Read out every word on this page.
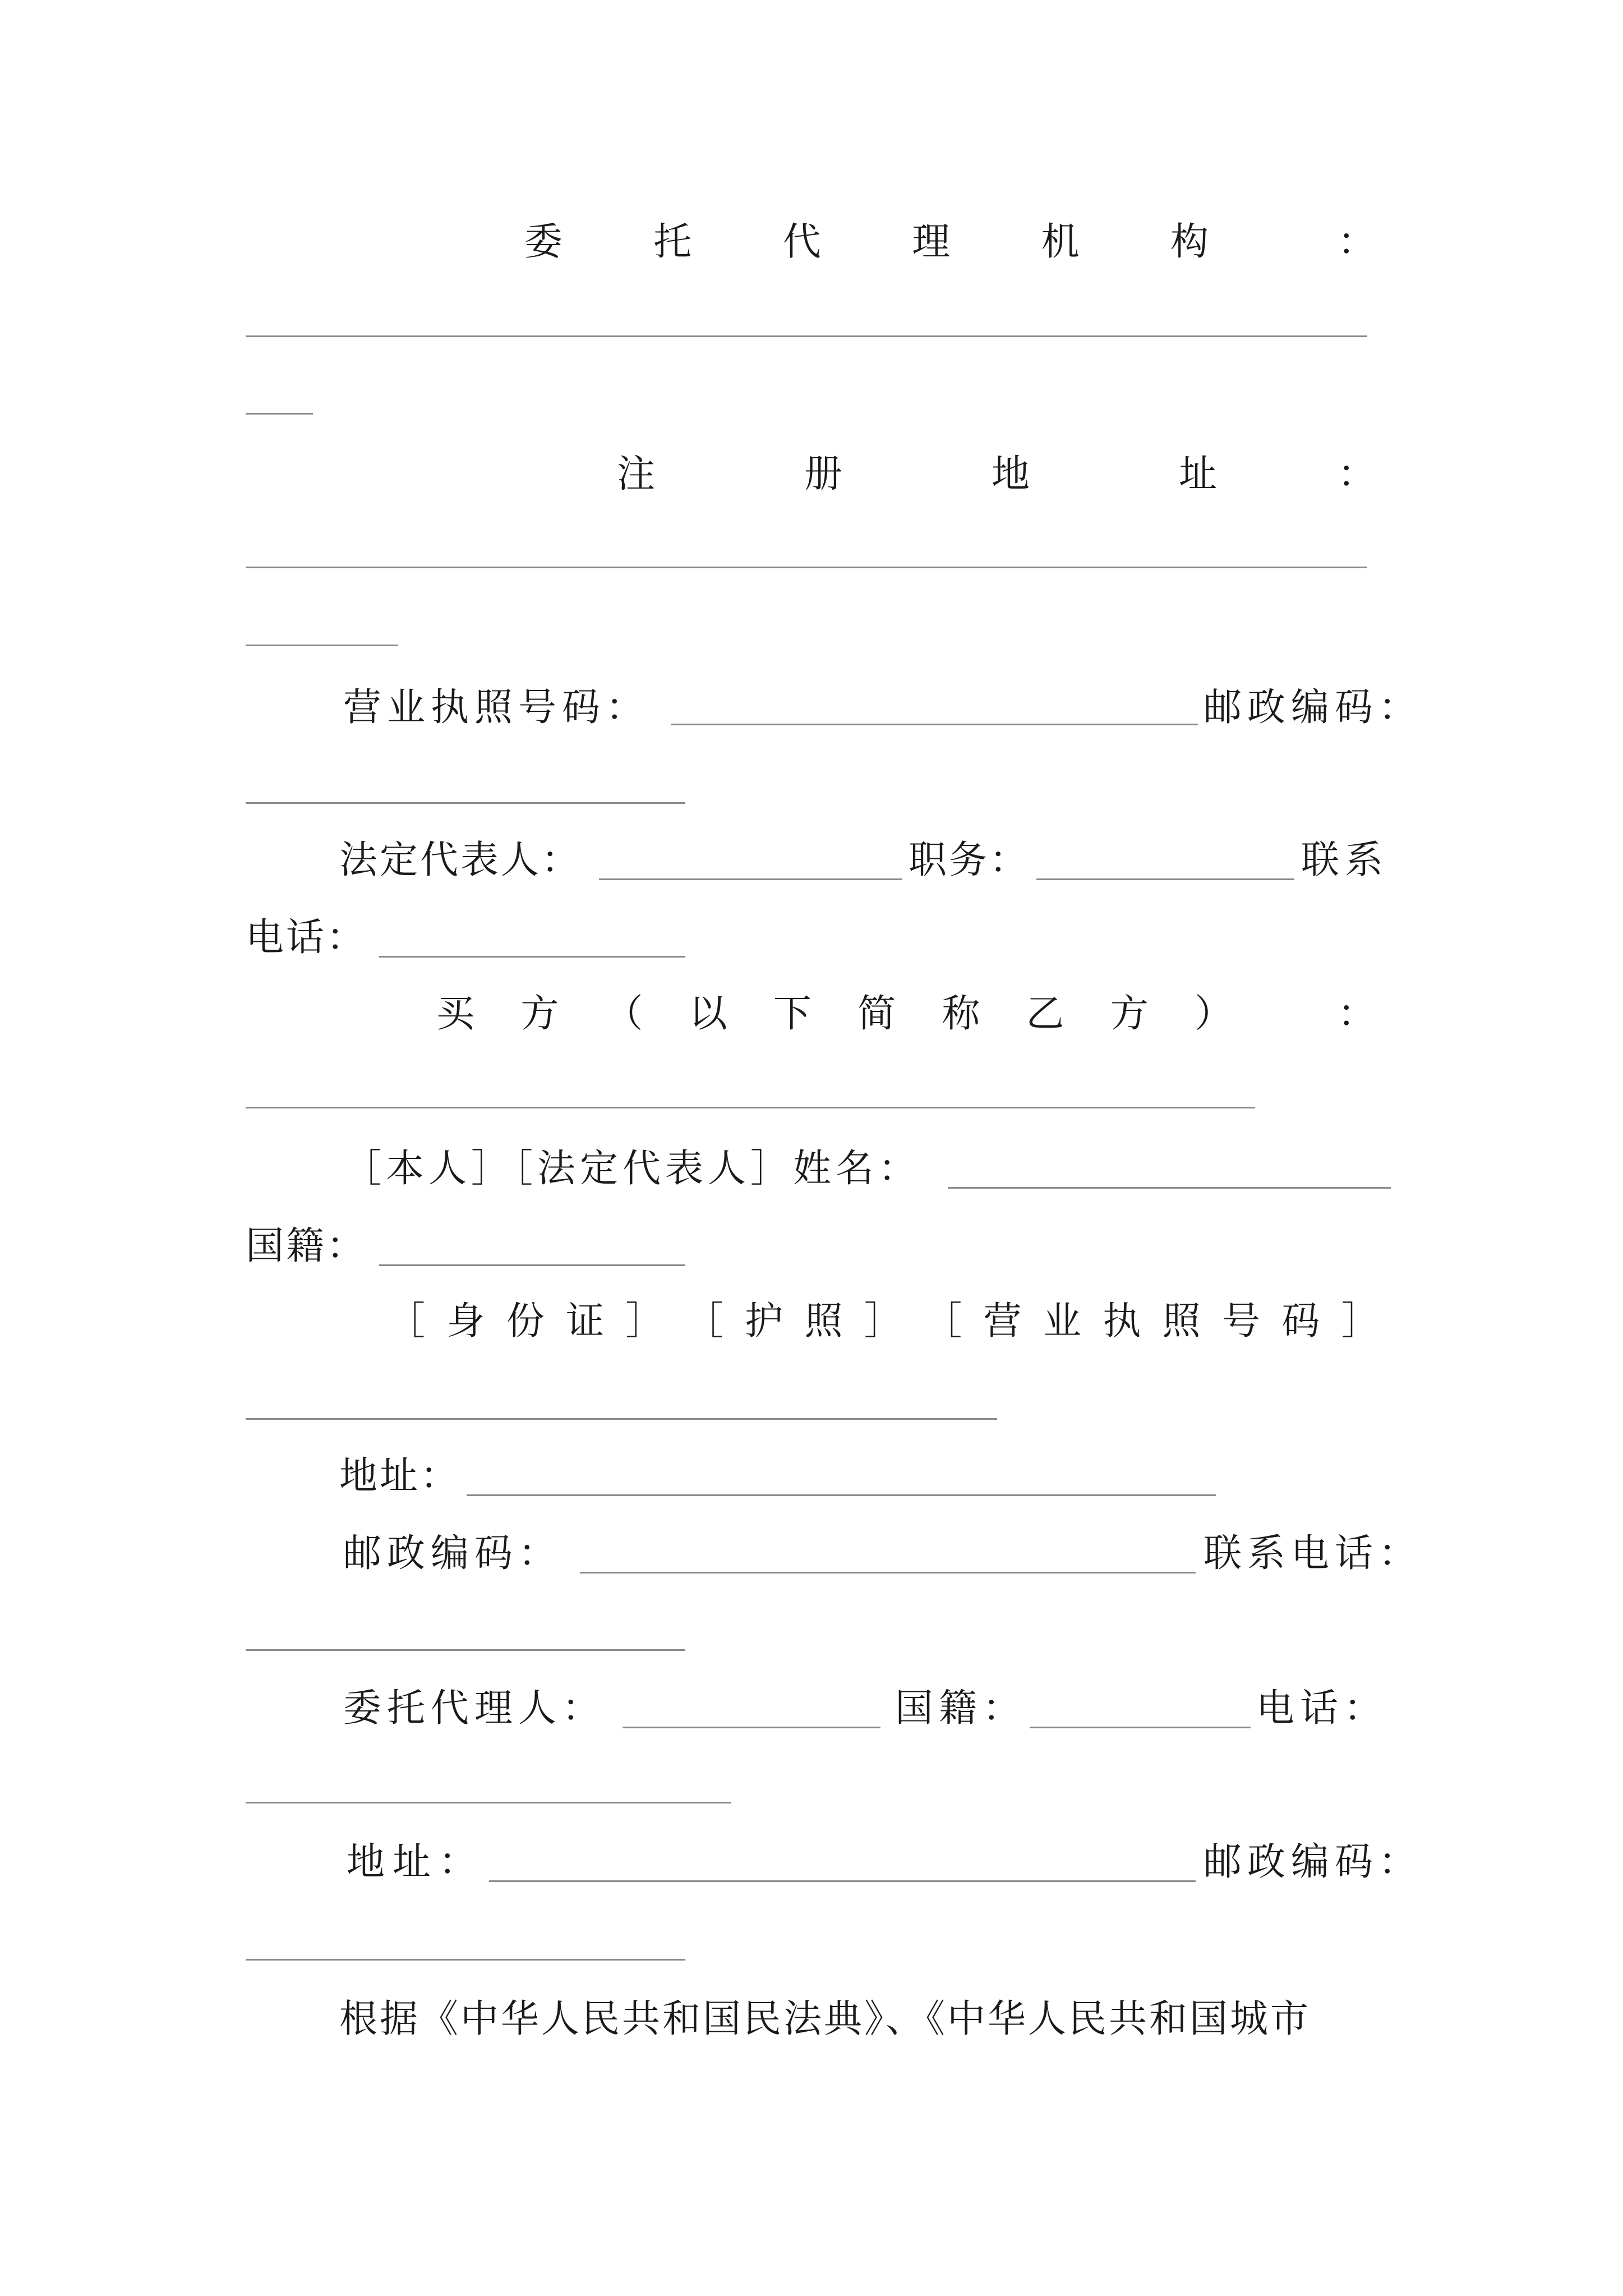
委 托 代 理 机 构	：
注	册	地	址	：
营业执照号码：	邮政编码：
法定代表人：	职务：	联系
电话：
买 方 （ 以 下 简 称 乙 方 ）	：
［本人］［法定代表人］姓名：
国籍：
［ 身 份 证 ］ ［ 护 照 ］ ［ 营 业 执 照 号 码 ］
地址：
邮政编码：	联系电话：
委托代理人：	国籍：	电话：
地址：	邮政编码：
根据《中华人民共和国民法典》、《中华人民共和国城市
